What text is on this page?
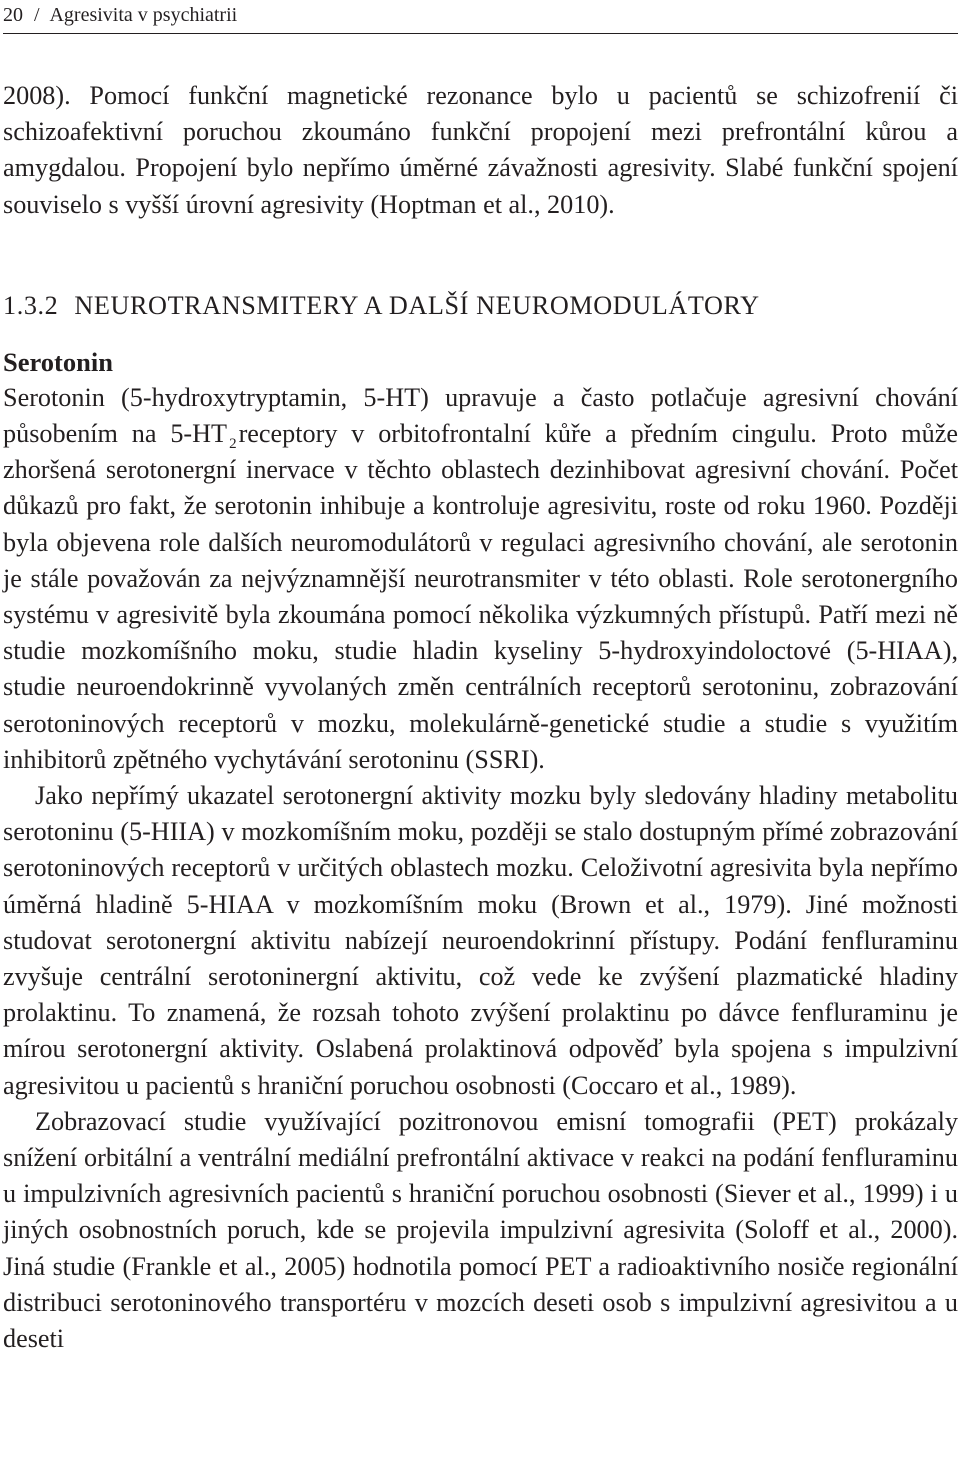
20 / Agresivita v psychiatrii

2008). Pomocí funkční magnetické rezonance bylo u pacientů se schizofrenií či schizoafektivní poruchou zkoumáno funkční propojení mezi prefrontální kůrou a amygdalou. Propojení bylo nepřímo úměrné závažnosti agresivity. Slabé funkční spojení souviselo s vyšší úrovní agresivity (Hoptman et al., 2010).

1.3.2 NEUROTRANSMITERY A DALŠÍ NEUROMODULÁTORY
Serotonin

Serotonin (5-hydroxytryptamin, 5-HT) upravuje a často potlačuje agresivní chování působením na 5-HT $_2$receptory v orbitofrontalní kůře a předním cingulu. Proto může zhoršená serotonergní inervace v těchto oblastech dezinhibovat agresivní chování. Počet důkazů pro fakt, že serotonin inhibuje a kontroluje agresivitu, roste od roku 1960. Později byla objevena role dalších neuromodulátorů v regulaci agresivního chování, ale serotonin je stále považován za nejvýznamnější neurotransmiter v této oblasti. Role serotonergního systému v agresivitě byla zkoumána pomocí několika výzkumných přístupů. Patří mezi ně studie mozkomíšního moku, studie hladin kyseliny 5-hydroxyindoloctové (5-HIAA), studie neuroendokrinně vyvolaných změn centrálních receptorů serotoninu, zobrazování serotoninových receptorů v mozku, molekulárně-genetické studie a studie s využitím inhibitorů zpětného vychytávání serotoninu (SSRI).

Jako nepřímý ukazatel serotonergní aktivity mozku byly sledovány hladiny metabolitu serotoninu (5-HIIA) v mozkomíšním moku, později se stalo dostupným přímé zobrazování serotoninových receptorů v určitých oblastech mozku. Celoživotní agresivita byla nepřímo úměrná hladině 5-HIAA v mozkomíšním moku (Brown et al., 1979). Jiné možnosti studovat serotonergní aktivitu nabízejí neuroendokrinní přístupy. Podání fenfluraminu zvyšuje centrální serotoninergní aktivitu, což vede ke zvýšení plazmatické hladiny prolaktinu. To znamená, že rozsah tohoto zvýšení prolaktinu po dávce fenfluraminu je mírou serotonergní aktivity. Oslabená prolaktinová odpověď byla spojena s impulzivní agresivitou u pacientů s hraniční poruchou osobnosti (Coccaro et al., 1989).

Zobrazovací studie využívající pozitronovou emisní tomografii (PET) prokázaly snížení orbitální a ventrální mediální prefrontální aktivace v reakci na podání fenfluraminu u impulzivních agresivních pacientů s hraniční poruchou osobnosti (Siever et al., 1999) i u jiných osobnostních poruch, kde se projevila impulzivní agresivita (Soloff et al., 2000). Jiná studie (Frankle et al., 2005) hodnotila pomocí PET a radioaktivního nosiče regionální distribuci serotoninového transportéru v mozcích deseti osob s impulzivní agresivitou a u deseti
